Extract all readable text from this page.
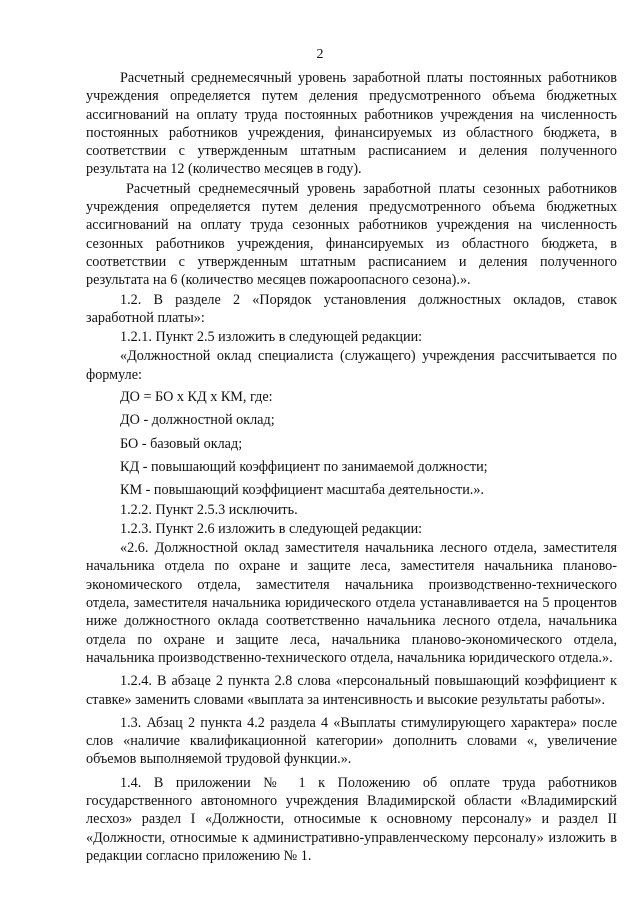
2

Расчетный среднемесячный уровень заработной платы постоянных работников учреждения определяется путем деления предусмотренного объема бюджетных ассигнований на оплату труда постоянных работников учреждения на численность постоянных работников учреждения, финансируемых из областного бюджета, в соответствии с утвержденным штатным расписанием и деления полученного результата на 12 (количество месяцев в году).

Расчетный среднемесячный уровень заработной платы сезонных работников учреждения определяется путем деления предусмотренного объема бюджетных ассигнований на оплату труда сезонных работников учреждения на численность сезонных работников учреждения, финансируемых из областного бюджета, в соответствии с утвержденным штатным расписанием и деления полученного результата на 6 (количество месяцев пожароопасного сезона).».

1.2. В разделе 2 «Порядок установления должностных окладов, ставок заработной платы»:

1.2.1. Пункт 2.5 изложить в следующей редакции:

«Должностной оклад специалиста (служащего) учреждения рассчитывается по формуле:

ДО = БО х КД х КМ, где:

ДО - должностной оклад;

БО - базовый оклад;

КД - повышающий коэффициент по занимаемой должности;

КМ - повышающий коэффициент масштаба деятельности.».

1.2.2. Пункт 2.5.3 исключить.

1.2.3. Пункт 2.6 изложить в следующей редакции:

«2.6. Должностной оклад заместителя начальника лесного отдела, заместителя начальника отдела по охране и защите леса, заместителя начальника планово-экономического отдела, заместителя начальника производственно-технического отдела, заместителя начальника юридического отдела устанавливается на 5 процентов ниже должностного оклада соответственно начальника лесного отдела, начальника отдела по охране и защите леса, начальника планово-экономического отдела, начальника производственно-технического отдела, начальника юридического отдела.».

1.2.4. В абзаце 2 пункта 2.8 слова «персональный повышающий коэффициент к ставке» заменить словами «выплата за интенсивность и высокие результаты работы».

1.3. Абзац 2 пункта 4.2 раздела 4 «Выплаты стимулирующего характера» после слов «наличие квалификационной категории» дополнить словами «, увеличение объемов выполняемой трудовой функции.».

1.4. В приложении № 1 к Положению об оплате труда работников государственного автономного учреждения Владимирской области «Владимирский лесхоз» раздел I «Должности, относимые к основному персоналу» и раздел II «Должности, относимые к административно-управленческому персоналу» изложить в редакции согласно приложению № 1.
